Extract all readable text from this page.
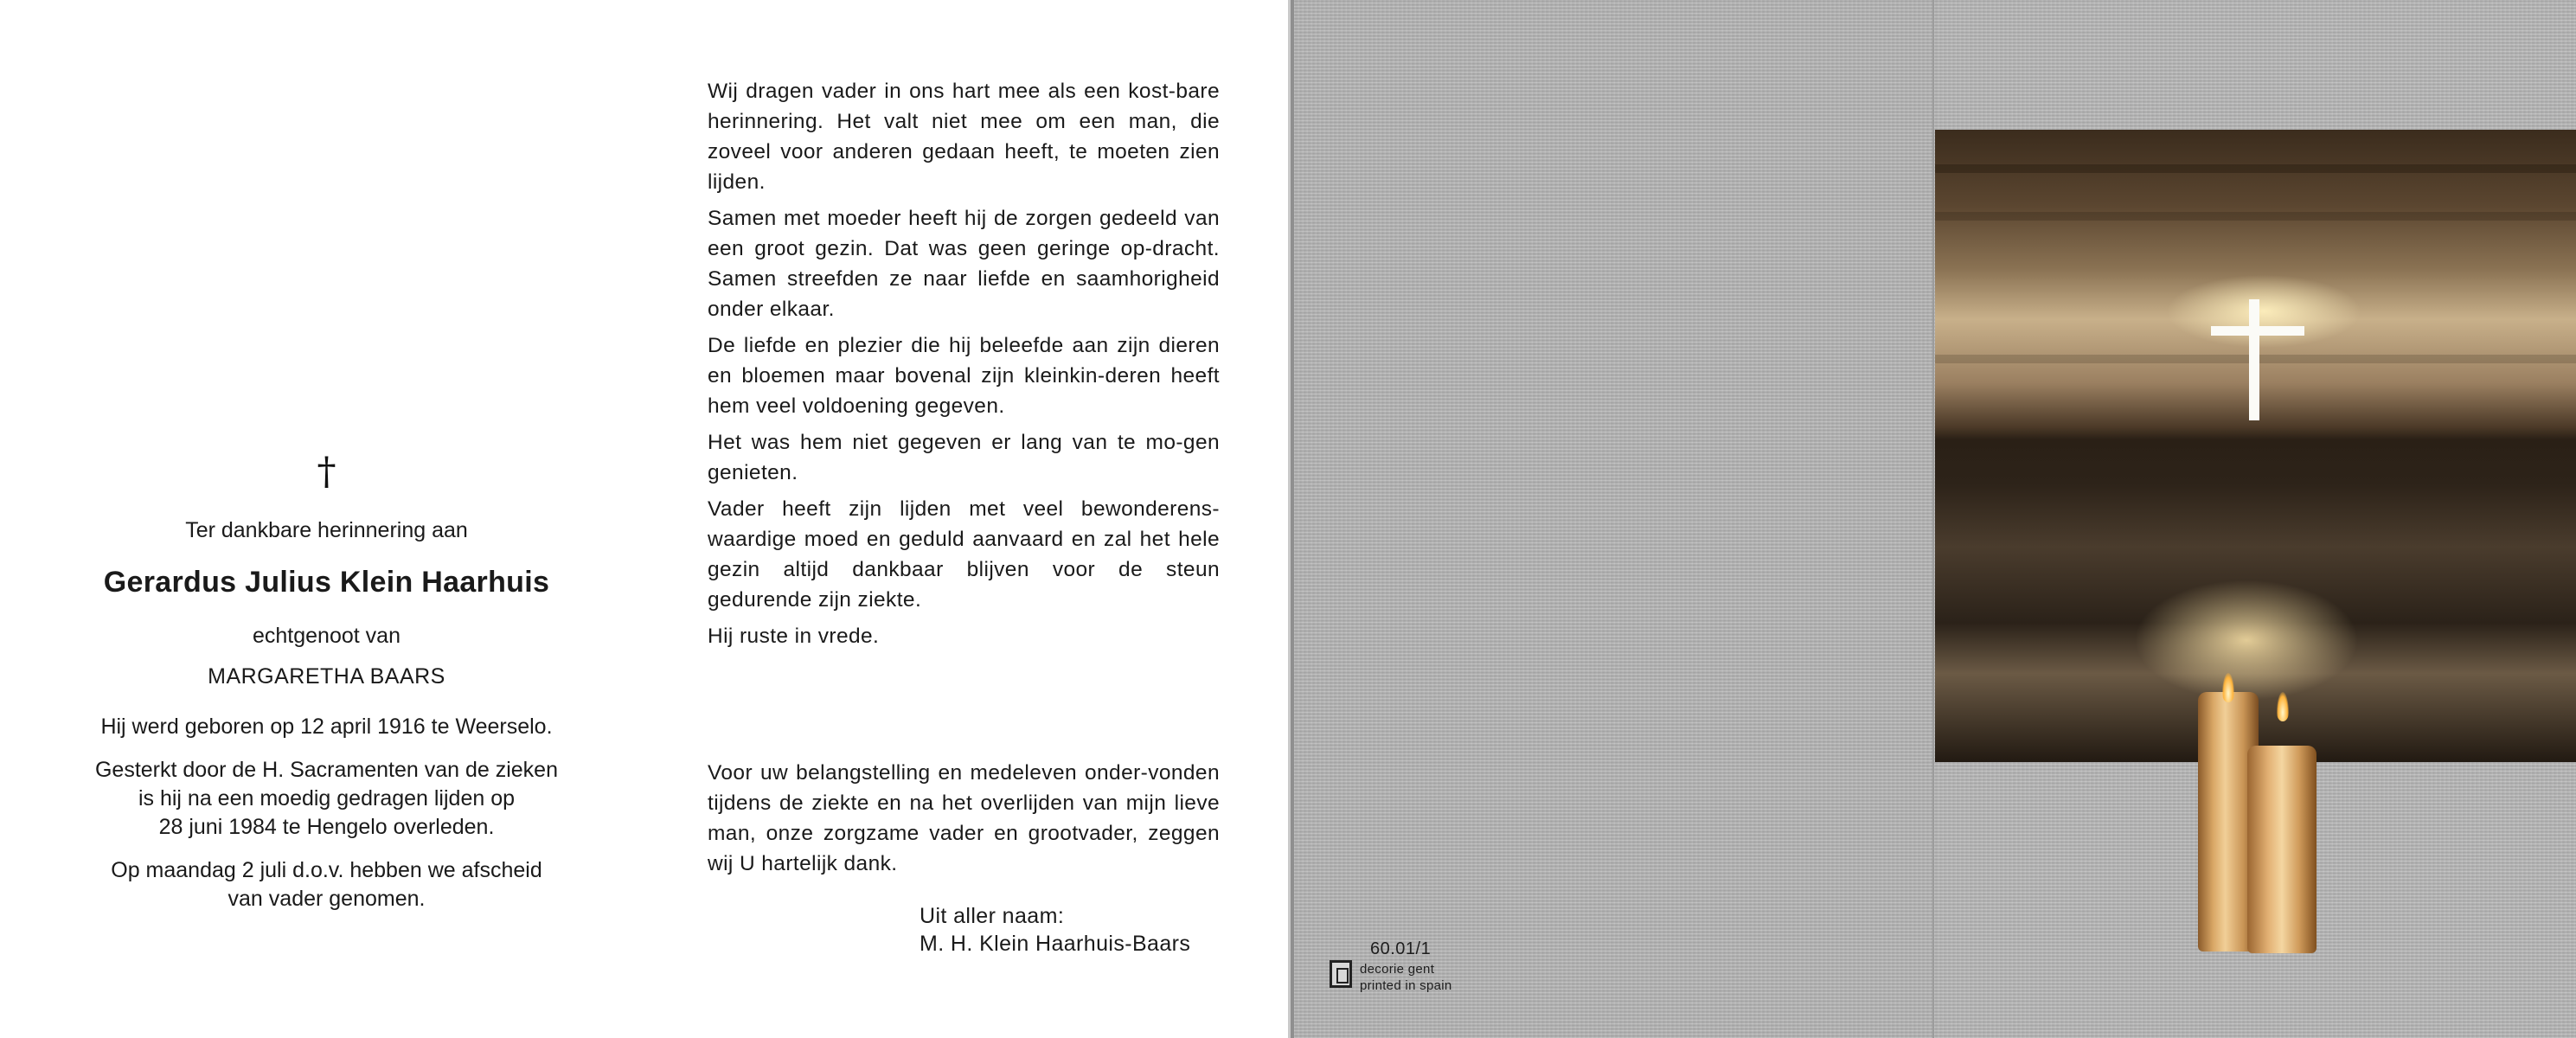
†
Ter dankbare herinnering aan
Gerardus Julius Klein Haarhuis
echtgenoot van
MARGARETHA BAARS
Hij werd geboren op 12 april 1916 te Weerselo.
Gesterkt door de H. Sacramenten van de zieken
is hij na een moedig gedragen lijden op
28 juni 1984 te Hengelo overleden.
Op maandag 2 juli d.o.v. hebben we afscheid
van vader genomen.

Wij dragen vader in ons hart mee als een kost-bare herinnering. Het valt niet mee om een man, die zoveel voor anderen gedaan heeft, te moeten zien lijden.

Samen met moeder heeft hij de zorgen gedeeld van een groot gezin. Dat was geen geringe op-dracht. Samen streefden ze naar liefde en saamhorigheid onder elkaar.

De liefde en plezier die hij beleefde aan zijn dieren en bloemen maar bovenal zijn kleinkin-deren heeft hem veel voldoening gegeven.

Het was hem niet gegeven er lang van te mo-gen genieten.

Vader heeft zijn lijden met veel bewonderens-waardige moed en geduld aanvaard en zal het hele gezin altijd dankbaar blijven voor de steun gedurende zijn ziekte.

Hij ruste in vrede.

Voor uw belangstelling en medeleven onder-vonden tijdens de ziekte en na het overlijden van mijn lieve man, onze zorgzame vader en grootvader, zeggen wij U hartelijk dank.
Uit aller naam:
M. H. Klein Haarhuis-Baars	60.01/1
decorie gent
printed in spain
